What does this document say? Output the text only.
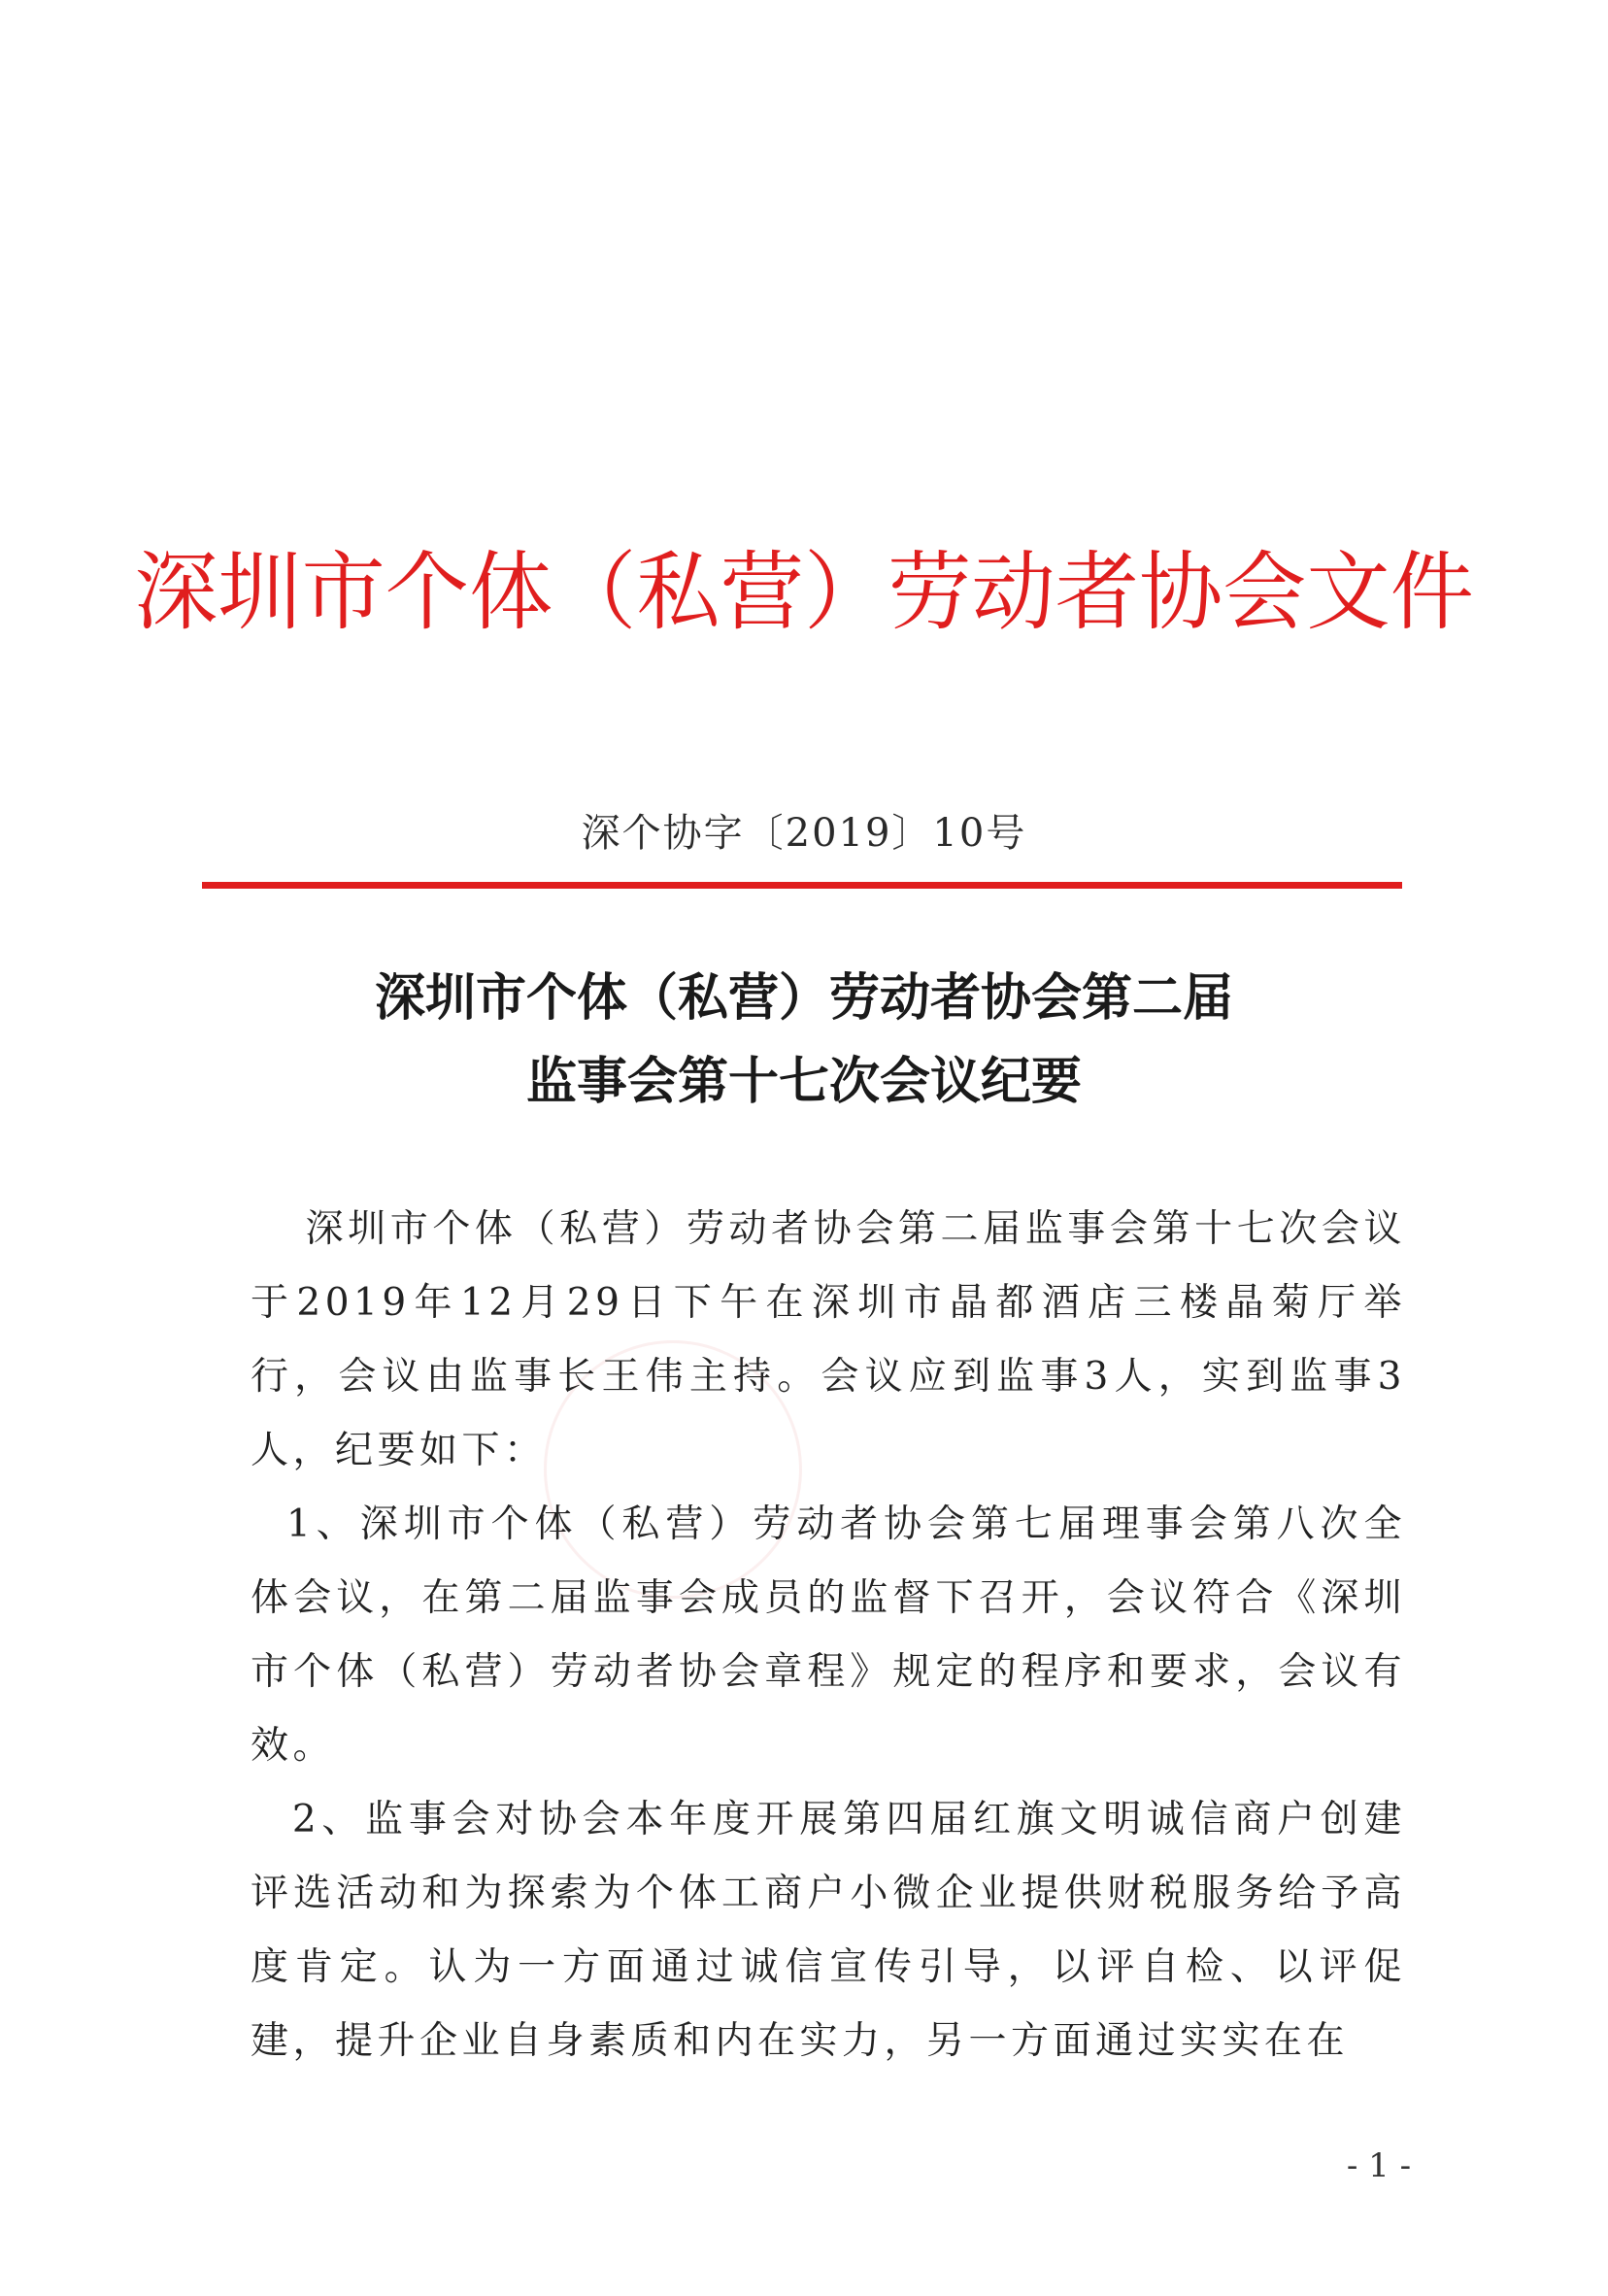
深圳市个体（私营）劳动者协会文件
深个协字〔2019〕10号
深圳市个体（私营）劳动者协会第二届
监事会第十七次会议纪要

深圳市个体（私营）劳动者协会第二届监事会第十七次会议于2019年12月29日下午在深圳市晶都酒店三楼晶菊厅举行，会议由监事长王伟主持。会议应到监事3人，实到监事3人，纪要如下：

1、深圳市个体（私营）劳动者协会第七届理事会第八次全体会议，在第二届监事会成员的监督下召开，会议符合《深圳市个体（私营）劳动者协会章程》规定的程序和要求，会议有效。

2、监事会对协会本年度开展第四届红旗文明诚信商户创建评选活动和为探索为个体工商户小微企业提供财税服务给予高度肯定。认为一方面通过诚信宣传引导，以评自检、以评促建，提升企业自身素质和内在实力，另一方面通过实实在在

- 1 -
